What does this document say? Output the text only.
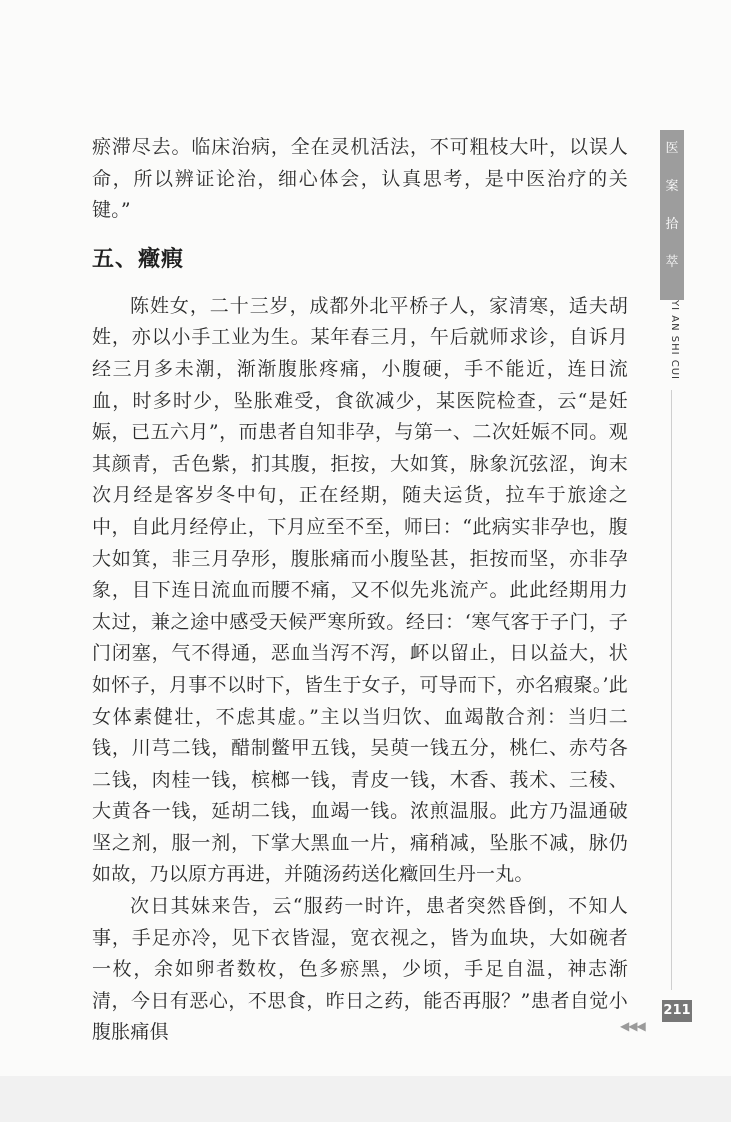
瘀滞尽去。临床治病，全在灵机活法，不可粗枝大叶，以误人命，所以辨证论治，细心体会，认真思考，是中医治疗的关键。”

五、癥瘕

陈姓女，二十三岁，成都外北平桥子人，家清寒，适夫胡姓，亦以小手工业为生。某年春三月，午后就师求诊，自诉月经三月多未潮，渐渐腹胀疼痛，小腹硬，手不能近，连日流血，时多时少，坠胀难受，食欲减少，某医院检查，云“是妊娠，已五六月”，而患者自知非孕，与第一、二次妊娠不同。观其颜青，舌色紫，扪其腹，拒按，大如箕，脉象沉弦涩，询末次月经是客岁冬中旬，正在经期，随夫运货，拉车于旅途之中，自此月经停止，下月应至不至，师曰：“此病实非孕也，腹大如箕，非三月孕形，腹胀痛而小腹坠甚，拒按而坚，亦非孕象，目下连日流血而腰不痛，又不似先兆流产。此此经期用力太过，兼之途中感受天候严寒所致。经曰：‘寒气客于子门，子门闭塞，气不得通，恶血当泻不泻，衃以留止，日以益大，状如怀子，月事不以时下，皆生于女子，可导而下，亦名瘕聚。’此女体素健壮，不虑其虚。”主以当归饮、血竭散合剂：当归二钱，川芎二钱，醋制鳖甲五钱，吴萸一钱五分，桃仁、赤芍各二钱，肉桂一钱，槟榔一钱，青皮一钱，木香、莪术、三稜、大黄各一钱，延胡二钱，血竭一钱。浓煎温服。此方乃温通破坚之剂，服一剂，下掌大黑血一片，痛稍减，坠胀不减，脉仍如故，乃以原方再进，并随汤药送化癥回生丹一丸。

次日其妹来告，云“服药一时许，患者突然昏倒，不知人事，手足亦冷，见下衣皆湿，宽衣视之，皆为血块，大如碗者一枚，余如卵者数枚，色多瘀黑，少顷，手足自温，神志渐清，今日有恶心，不思食，昨日之药，能否再服？”患者自觉小腹胀痛俱

医
案
拾
萃
YI AN SHI CUI
211
◀◀◀
